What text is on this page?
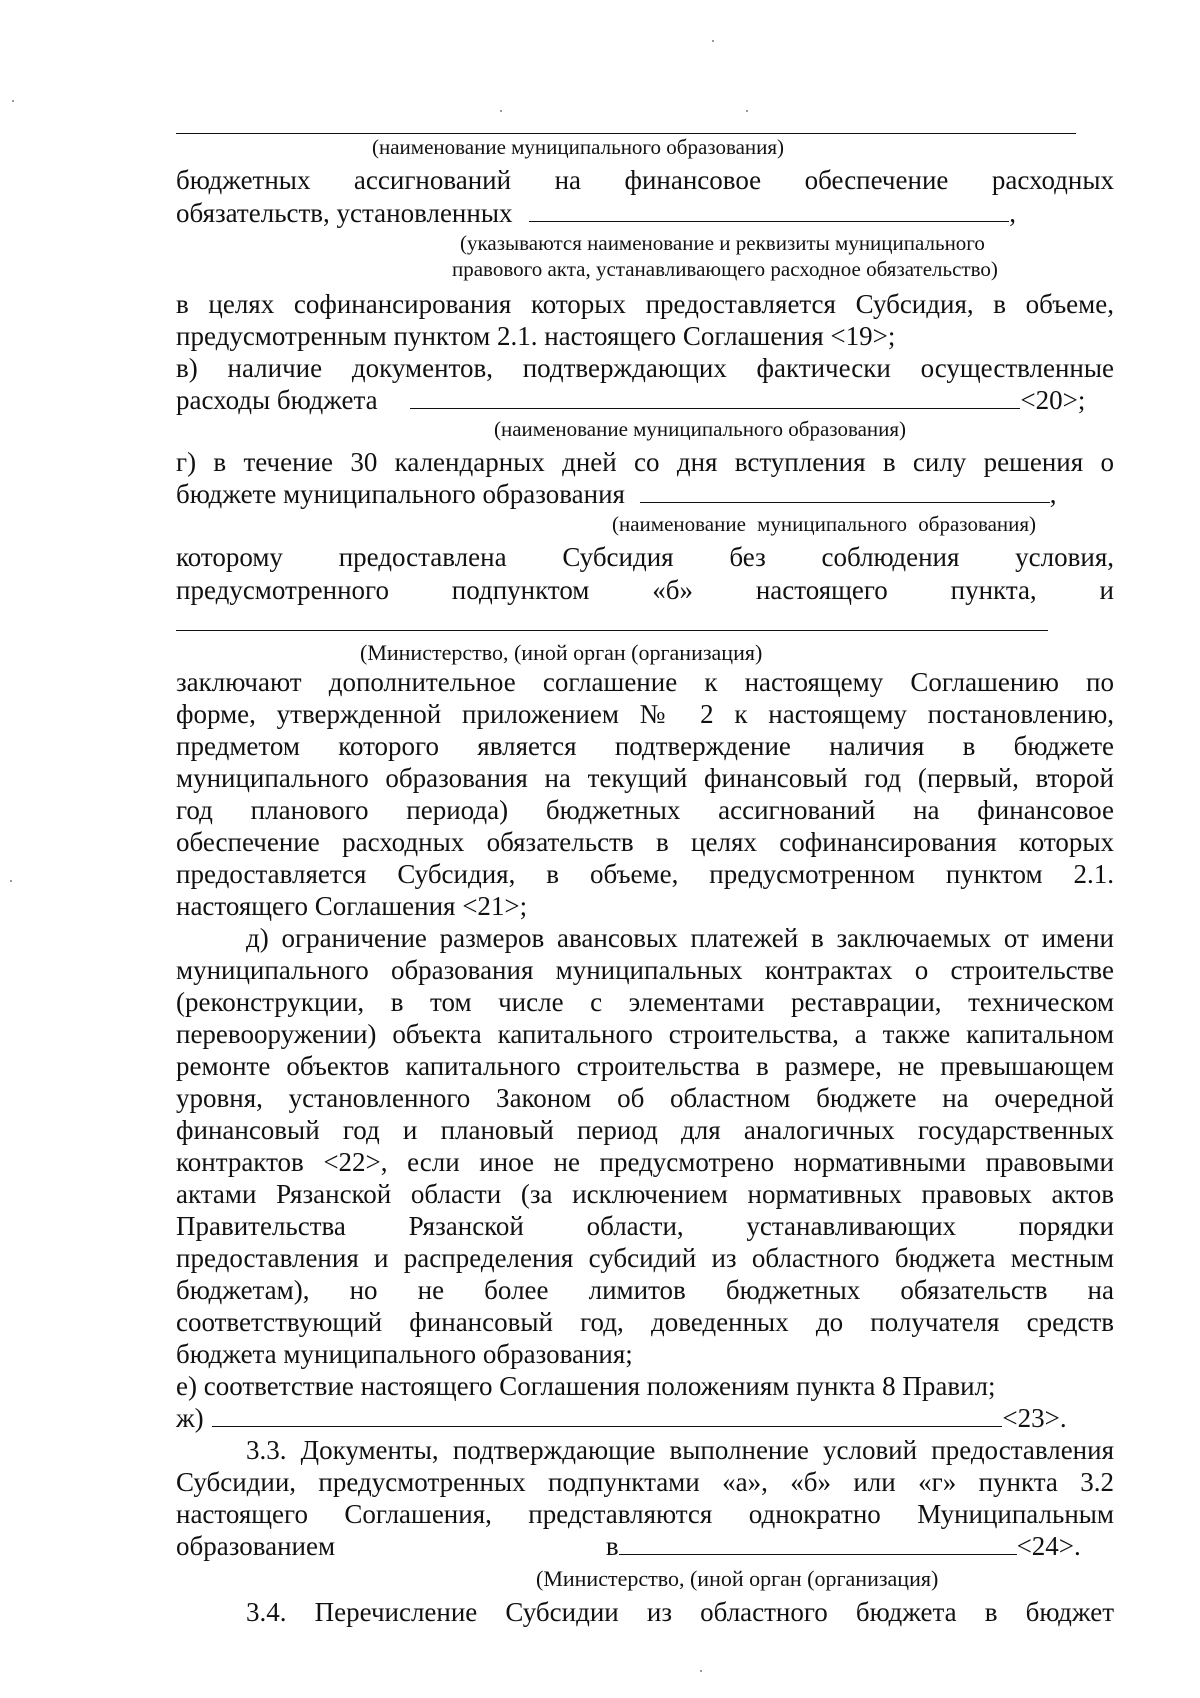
(наименование муниципального образования)
бюджетных ассигнований на финансовое обеспечение расходных
обязательств, установленных	,
(указываются наименование и реквизиты муниципального
правового акта, устанавливающего расходное обязательство)
в целях софинансирования которых предоставляется Субсидия, в объеме,
предусмотренным пунктом 2.1. настоящего Соглашения <19>;
в) наличие документов, подтверждающих фактически осуществленные
расходы бюджета	<20>;
(наименование муниципального образования)
г) в течение 30 календарных дней со дня вступления в силу решения о
бюджете муниципального образования	,
(наименование муниципального образования)
которому предоставлена Субсидия без соблюдения условия,
предусмотренного подпунктом «б» настоящего пункта, и
(Министерство, (иной орган (организация)
заключают дополнительное соглашение к настоящему Соглашению по
форме, утвержденной приложением № 2 к настоящему постановлению,
предметом которого является подтверждение наличия в бюджете
муниципального образования на текущий финансовый год (первый, второй
год планового периода) бюджетных ассигнований на финансовое
обеспечение расходных обязательств в целях софинансирования которых
предоставляется Субсидия, в объеме, предусмотренном пунктом 2.1.
настоящего Соглашения <21>;
д) ограничение размеров авансовых платежей в заключаемых от имени
муниципального образования муниципальных контрактах о строительстве
(реконструкции, в том числе с элементами реставрации, техническом
перевооружении) объекта капитального строительства, а также капитальном
ремонте объектов капитального строительства в размере, не превышающем
уровня, установленного Законом об областном бюджете на очередной
финансовый год и плановый период для аналогичных государственных
контрактов <22>, если иное не предусмотрено нормативными правовыми
актами Рязанской области (за исключением нормативных правовых актов
Правительства Рязанской области, устанавливающих порядки
предоставления и распределения субсидий из областного бюджета местным
бюджетам), но не более лимитов бюджетных обязательств на
соответствующий финансовый год, доведенных до получателя средств
бюджета муниципального образования;
е) соответствие настоящего Соглашения положениям пункта 8 Правил;
ж)	<23>.
3.3. Документы, подтверждающие выполнение условий предоставления
Субсидии, предусмотренных подпунктами «а», «б» или «г» пункта 3.2
настоящего Соглашения, представляются однократно Муниципальным
образованием	в	<24>.
(Министерство, (иной орган (организация)
3.4. Перечисление Субсидии из областного бюджета в бюджет
